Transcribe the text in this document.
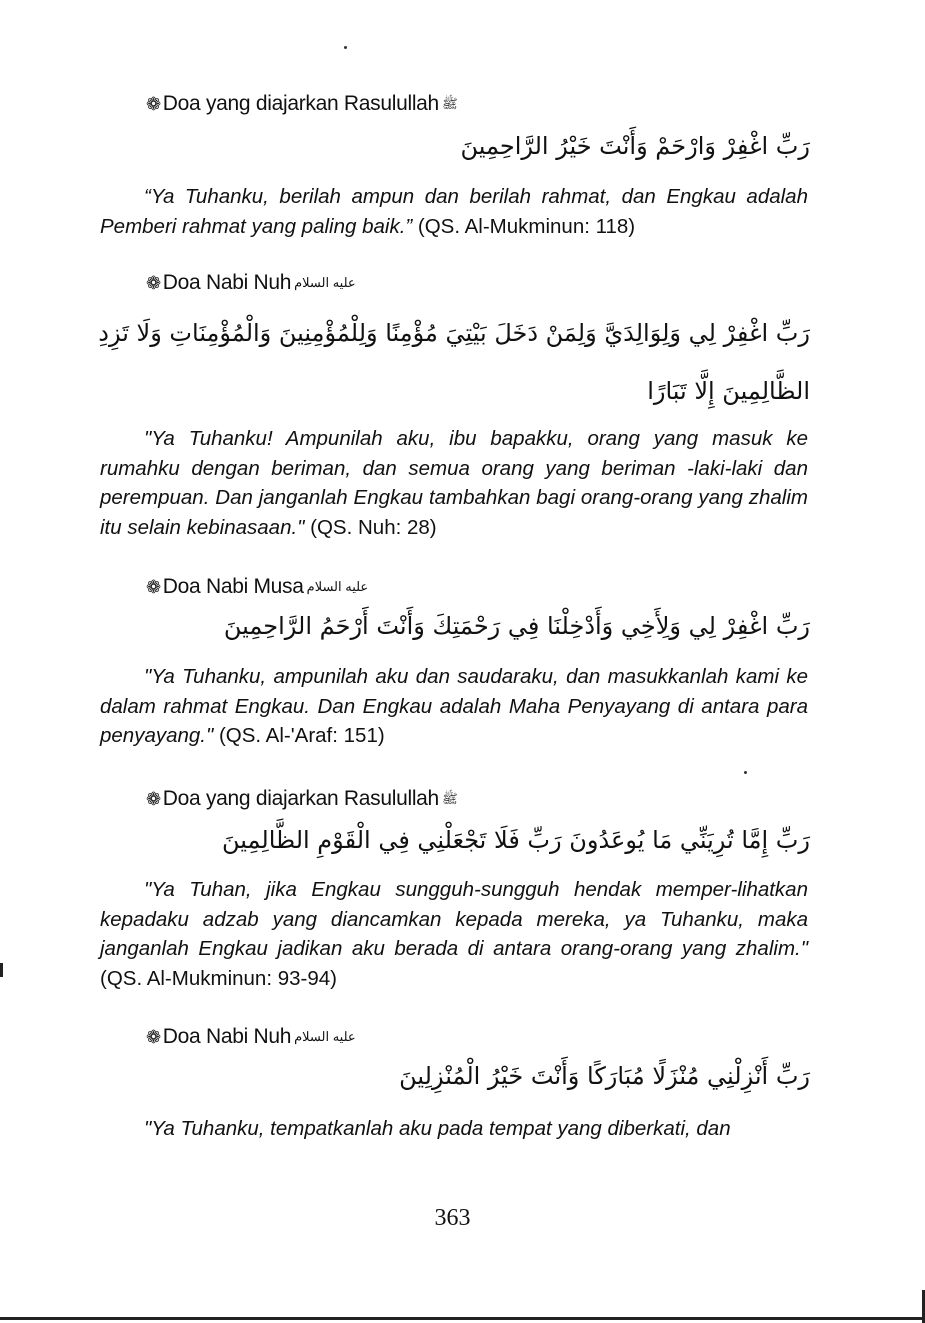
❁Doa yang diajarkan Rasulullah ﷺ
رَبِّ اغْفِرْ وَارْحَمْ وَأَنْتَ خَيْرُ الرَّاحِمِينَ
“Ya Tuhanku, berilah ampun dan berilah rahmat, dan Engkau adalah Pemberi rahmat yang paling baik.” (QS. Al-Mukminun: 118)
❁Doa Nabi Nuh عليه السلام
رَبِّ اغْفِرْ لِي وَلِوَالِدَيَّ وَلِمَنْ دَخَلَ بَيْتِيَ مُؤْمِنًا وَلِلْمُؤْمِنِينَ وَالْمُؤْمِنَاتِ وَلَا تَزِدِ الظَّالِمِينَ إِلَّا تَبَارًا
"Ya Tuhanku! Ampunilah aku, ibu bapakku, orang yang masuk ke rumahku dengan beriman, dan semua orang yang beriman -laki-laki dan perempuan. Dan janganlah Engkau tambahkan bagi orang-orang yang zhalim itu selain kebinasaan." (QS. Nuh: 28)
❁Doa Nabi Musa عليه السلام
رَبِّ اغْفِرْ لِي وَلِأَخِي وَأَدْخِلْنَا فِي رَحْمَتِكَ وَأَنْتَ أَرْحَمُ الرَّاحِمِينَ
"Ya Tuhanku, ampunilah aku dan saudaraku, dan masukkanlah kami ke dalam rahmat Engkau. Dan Engkau adalah Maha Penyayang di antara para penyayang." (QS. Al-'Araf: 151)
❁Doa yang diajarkan Rasulullah ﷺ
رَبِّ إِمَّا تُرِيَنِّي مَا يُوعَدُونَ رَبِّ فَلَا تَجْعَلْنِي فِي الْقَوْمِ الظَّالِمِينَ
"Ya Tuhan, jika Engkau sungguh-sungguh hendak memper-lihatkan kepadaku adzab yang diancamkan kepada mereka, ya Tuhanku, maka janganlah Engkau jadikan aku berada di antara orang-orang yang zhalim." (QS. Al-Mukminun: 93-94)
❁Doa Nabi Nuh عليه السلام
رَبِّ أَنْزِلْنِي مُنْزَلًا مُبَارَكًا وَأَنْتَ خَيْرُ الْمُنْزِلِينَ
"Ya Tuhanku, tempatkanlah aku pada tempat yang diberkati, dan
363
